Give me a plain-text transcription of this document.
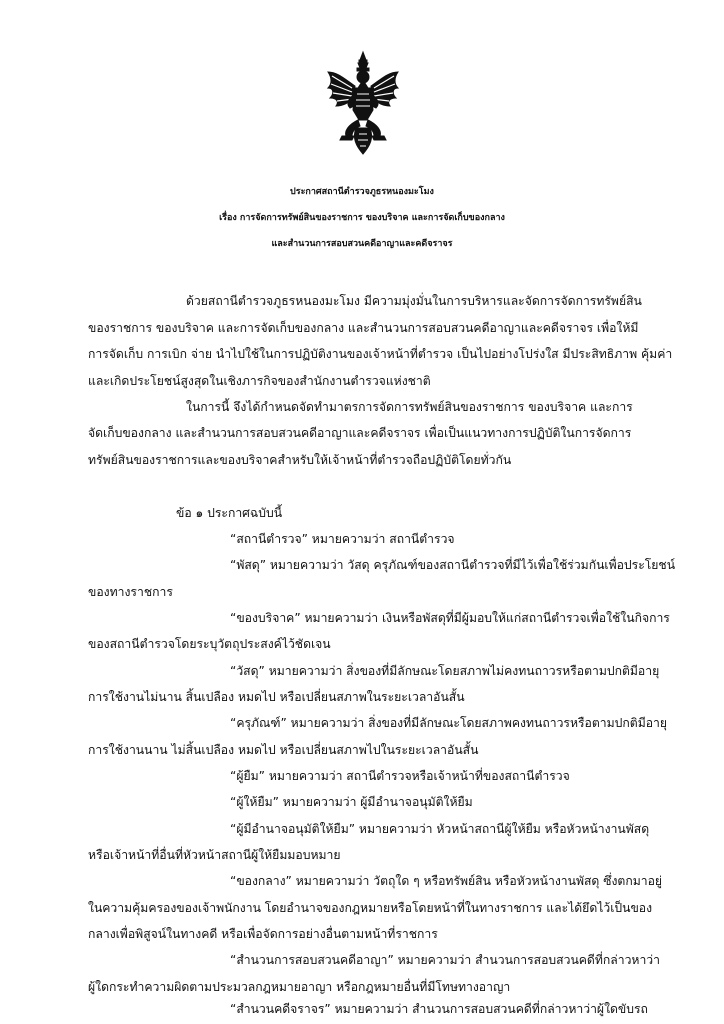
ประกาศสถานีตำรวจภูธรหนองมะโมง
เรื่อง การจัดการทรัพย์สินของราชการ ของบริจาค และการจัดเก็บของกลาง
และสำนวนการสอบสวนคดีอาญาและคดีจราจร
ด้วยสถานีตำรวจภูธรหนองมะโมง มีความมุ่งมั่นในการบริหารและจัดการจัดการทรัพย์สิน
ของราชการ ของบริจาค และการจัดเก็บของกลาง และสำนวนการสอบสวนคดีอาญาและคดีจราจร เพื่อให้มี
การจัดเก็บ การเบิก จ่าย นำไปใช้ในการปฏิบัติงานของเจ้าหน้าที่ตำรวจ เป็นไปอย่างโปร่งใส มีประสิทธิภาพ คุ้มค่า
และเกิดประโยชน์สูงสุดในเชิงภารกิจของสำนักงานตำรวจแห่งชาติ
ในการนี้ จึงได้กำหนดจัดทำมาตรการจัดการทรัพย์สินของราชการ ของบริจาค และการ
จัดเก็บของกลาง และสำนวนการสอบสวนคดีอาญาและคดีจราจร เพื่อเป็นแนวทางการปฏิบัติในการจัดการ
ทรัพย์สินของราชการและของบริจาคสำหรับให้เจ้าหน้าที่ตำรวจถือปฏิบัติโดยทั่วกัน
ข้อ ๑ ประกาศฉบับนี้
“สถานีตำรวจ” หมายความว่า สถานีตำรวจ
“พัสดุ” หมายความว่า วัสดุ ครุภัณฑ์ของสถานีตำรวจที่มีไว้เพื่อใช้ร่วมกันเพื่อประโยชน์
ของทางราชการ
“ของบริจาค” หมายความว่า เงินหรือพัสดุที่มีผู้มอบให้แก่สถานีตำรวจเพื่อใช้ในกิจการ
ของสถานีตำรวจโดยระบุวัตถุประสงค์ไว้ชัดเจน
“วัสดุ” หมายความว่า สิ่งของที่มีลักษณะโดยสภาพไม่คงทนถาวรหรือตามปกติมีอายุ
การใช้งานไม่นาน สิ้นเปลือง หมดไป หรือเปลี่ยนสภาพในระยะเวลาอันสั้น
“ครุภัณฑ์” หมายความว่า สิ่งของที่มีลักษณะโดยสภาพคงทนถาวรหรือตามปกติมีอายุ
การใช้งานนาน ไม่สิ้นเปลือง หมดไป หรือเปลี่ยนสภาพไปในระยะเวลาอันสั้น
“ผู้ยืม” หมายความว่า สถานีตำรวจหรือเจ้าหน้าที่ของสถานีตำรวจ
“ผู้ให้ยืม” หมายความว่า ผู้มีอำนาจอนุมัติให้ยืม
“ผู้มีอำนาจอนุมัติให้ยืม” หมายความว่า หัวหน้าสถานีผู้ให้ยืม หรือหัวหน้างานพัสดุ
หรือเจ้าหน้าที่อื่นที่หัวหน้าสถานีผู้ให้ยืมมอบหมาย
“ของกลาง” หมายความว่า วัตถุใด ๆ หรือทรัพย์สิน หรือหัวหน้างานพัสดุ ซึ่งตกมาอยู่
ในความคุ้มครองของเจ้าพนักงาน โดยอำนาจของกฎหมายหรือโดยหน้าที่ในทางราชการ และได้ยึดไว้เป็นของ
กลางเพื่อพิสูจน์ในทางคดี หรือเพื่อจัดการอย่างอื่นตามหน้าที่ราชการ
“สำนวนการสอบสวนคดีอาญา” หมายความว่า สำนวนการสอบสวนคดีที่กล่าวหาว่า
ผู้ใดกระทำความผิดตามประมวลกฎหมายอาญา หรือกฎหมายอื่นที่มีโทษทางอาญา
“สำนวนคดีจราจร” หมายความว่า สำนวนการสอบสวนคดีที่กล่าวหาว่าผู้ใดขับรถ
